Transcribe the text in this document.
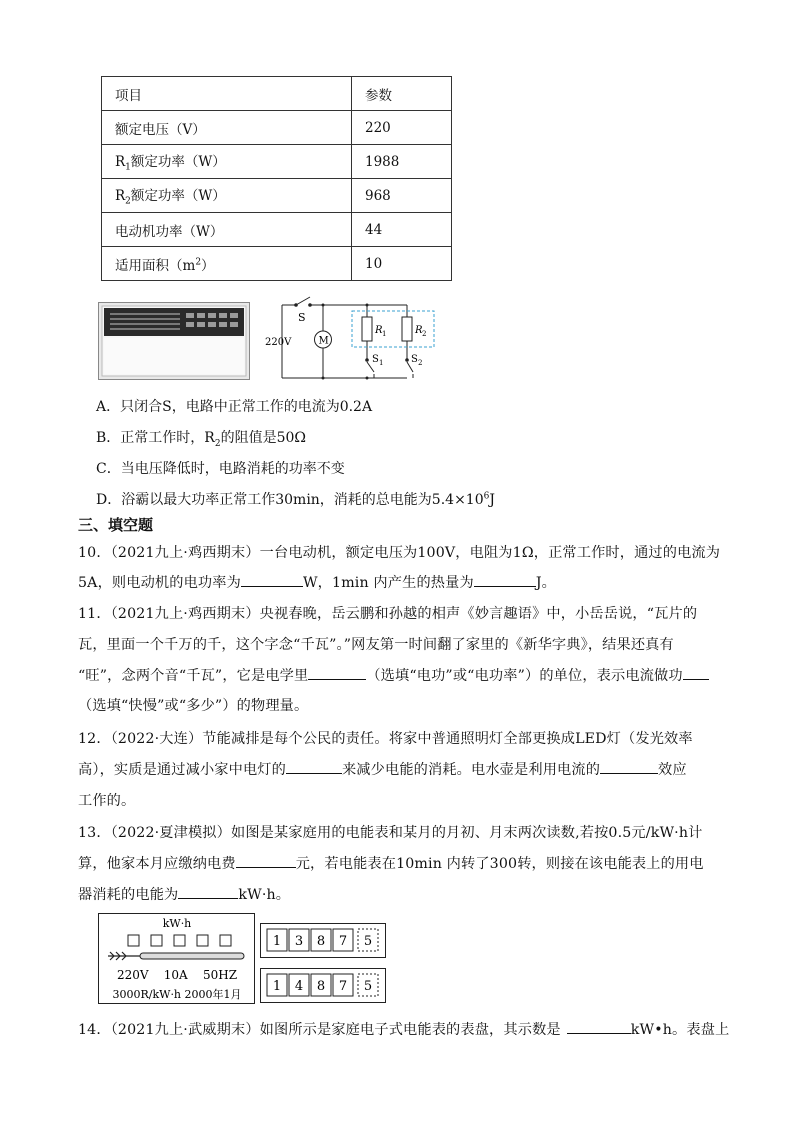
项目	参数
额定电压（V）	220
$R_1$额定功率（W）	1988
$R_2$额定功率（W）	968
电动机功率（W）	44
适用面积$(m^2)$	10
S
220V	M
R 1	R 2
S 1	S 2
A．只闭合S，电路中正常工作的电流为0.2A
B．正常工作时，$R_2$的阻值是50Ω
C．当电压降低时，电路消耗的功率不变
D．浴霸以最大功率正常工作30min，消耗的总电能为$5.4\times 10^6J$
三、填空题
10．（2021九上·鸡西期末）一台电动机，额定电压为100V，电阻为1Ω，正常工作时，通过的电流为
5A，则电动机的电功率为	W，1min 内产生的热量为	J。
11．（2021九上·鸡西期末）央视春晚，岳云鹏和孙越的相声《妙言趣语》中，小岳岳说，“瓦片的
瓦，里面一个千万的千，这个字念“千瓦”。”网友第一时间翻了家里的《新华字典》，结果还真有
“旺”，念两个音“千瓦”，它是电学里	（选填“电功”或“电功率”）的单位，表示电流做功
（选填“快慢”或“多少”）的物理量。
12．（2022·大连）节能减排是每个公民的责任。将家中普通照明灯全部更换成LED灯（发光效率
高），实质是通过减小家中电灯的	来减少电能的消耗。电水壶是利用电流的	效应
工作的。
13．（2022·夏津模拟）如图是某家庭用的电能表和某月的月初、月末两次读数,若按0.5元/kW·h计
算，他家本月应缴纳电费	元，若电能表在10min 内转了300转，则接在该电能表上的用电
器消耗的电能为	kW·h。
kW·h
220V    10A    50HZ
3000R/kW·h 2000年1月
1 3 8 7 5
1 4 8 7 5
14．（2021九上·武威期末）如图所示是家庭电子式电能表的表盘，其示数是	kW•h。表盘上
